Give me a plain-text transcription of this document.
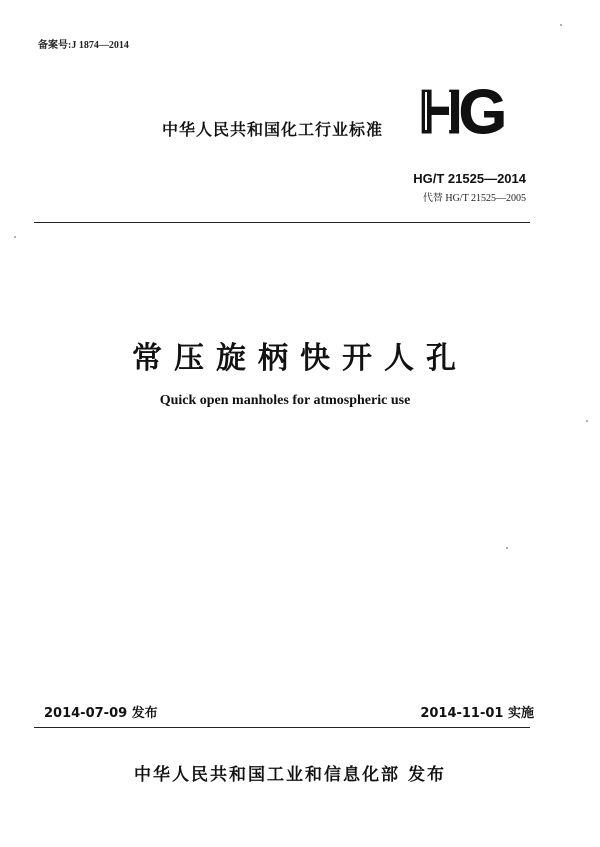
备案号:J 1874—2014
中华人民共和国化工行业标准 HG
HG/T 21525—2014
代替 HG/T 21525—2005
常压旋柄快开人孔
Quick open manholes for atmospheric use
2014-07-09 发布	2014-11-01 实施
中华人民共和国工业和信息化部 发布
